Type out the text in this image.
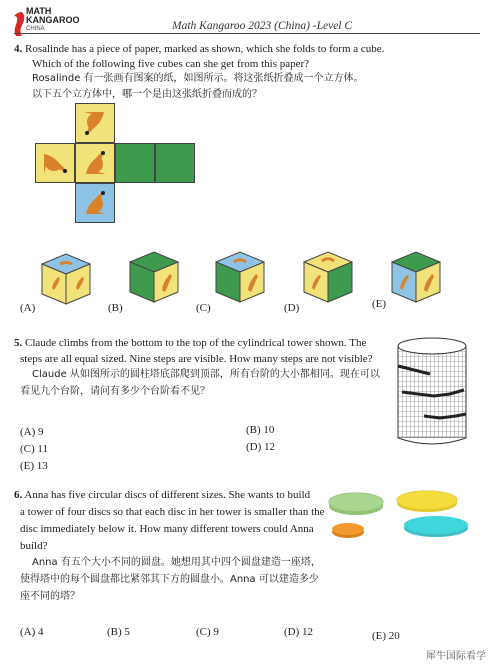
MATH
KANGAROO
CHINA	Math Kangaroo 2023 (China) -Level C
4. Rosalinde has a piece of paper, marked as shown, which she folds to form a cube.
Which of the following five cubes can she get from this paper?
Rosalinde 有一张画有图案的纸，如图所示。将这张纸折叠成一个立方体。
以下五个立方体中，哪一个是由这张纸折叠而成的？
(A)	(B)	(C)	(D)	(E)
5. Claude climbs from the bottom to the top of the cylindrical tower shown. The
steps are all equal sized. Nine steps are visible. How many steps are not visible?
Claude 从如图所示的圆柱塔底部爬到顶部，所有台阶的大小都相同。现在可以
看见九个台阶，请问有多少个台阶看不见？
(A) 9	(B) 10
(C) 11	(D) 12
(E) 13
6. Anna has five circular discs of different sizes. She wants to build
a tower of four discs so that each disc in her tower is smaller than the
disc immediately below it. How many different towers could Anna
build?
Anna 有五个大小不同的圆盘。她想用其中四个圆盘建造一座塔，
使得塔中的每个圆盘都比紧邻其下方的圆盘小。Anna 可以建造多少
座不同的塔？
(A) 4	(B) 5	(C) 9	(D) 12	(E) 20
犀牛国际看学
